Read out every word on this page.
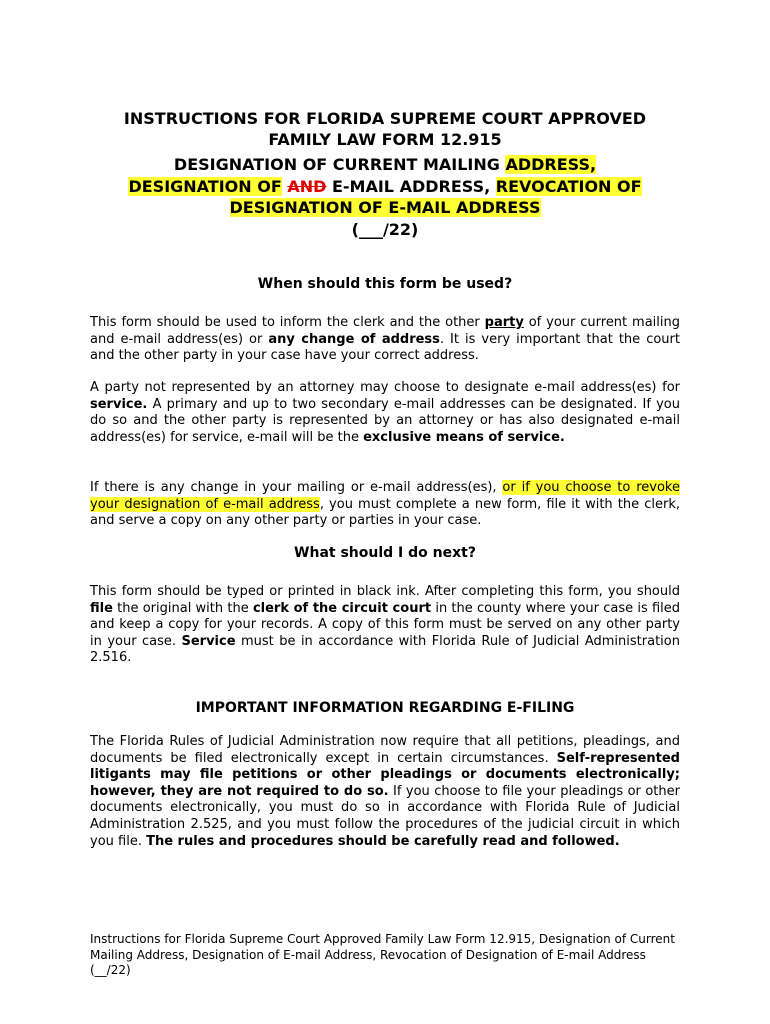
INSTRUCTIONS FOR FLORIDA SUPREME COURT APPROVED

FAMILY LAW FORM 12.915

DESIGNATION OF CURRENT MAILING ADDRESS,

DESIGNATION OF AND E-MAIL ADDRESS, REVOCATION OF

DESIGNATION OF E-MAIL ADDRESS

(___/22)

When should this form be used?

This form should be used to inform the clerk and the other party of your current mailing and e-mail address(es) or any change of address. It is very important that the court and the other party in your case have your correct address.

A party not represented by an attorney may choose to designate e-mail address(es) for service. A primary and up to two secondary e-mail addresses can be designated. If you do so and the other party is represented by an attorney or has also designated e-mail address(es) for service, e-mail will be the exclusive means of service.

If there is any change in your mailing or e-mail address(es), or if you choose to revoke your designation of e-mail address, you must complete a new form, file it with the clerk, and serve a copy on any other party or parties in your case.

What should I do next?

This form should be typed or printed in black ink. After completing this form, you should file the original with the clerk of the circuit court in the county where your case is filed and keep a copy for your records. A copy of this form must be served on any other party in your case. Service must be in accordance with Florida Rule of Judicial Administration 2.516.

IMPORTANT INFORMATION REGARDING E-FILING

The Florida Rules of Judicial Administration now require that all petitions, pleadings, and documents be filed electronically except in certain circumstances. Self-represented litigants may file petitions or other pleadings or documents electronically; however, they are not required to do so. If you choose to file your pleadings or other documents electronically, you must do so in accordance with Florida Rule of Judicial Administration 2.525, and you must follow the procedures of the judicial circuit in which you file. The rules and procedures should be carefully read and followed.

Instructions for Florida Supreme Court Approved Family Law Form 12.915, Designation of Current Mailing Address, Designation of E-mail Address, Revocation of Designation of E-mail Address (__/22)
